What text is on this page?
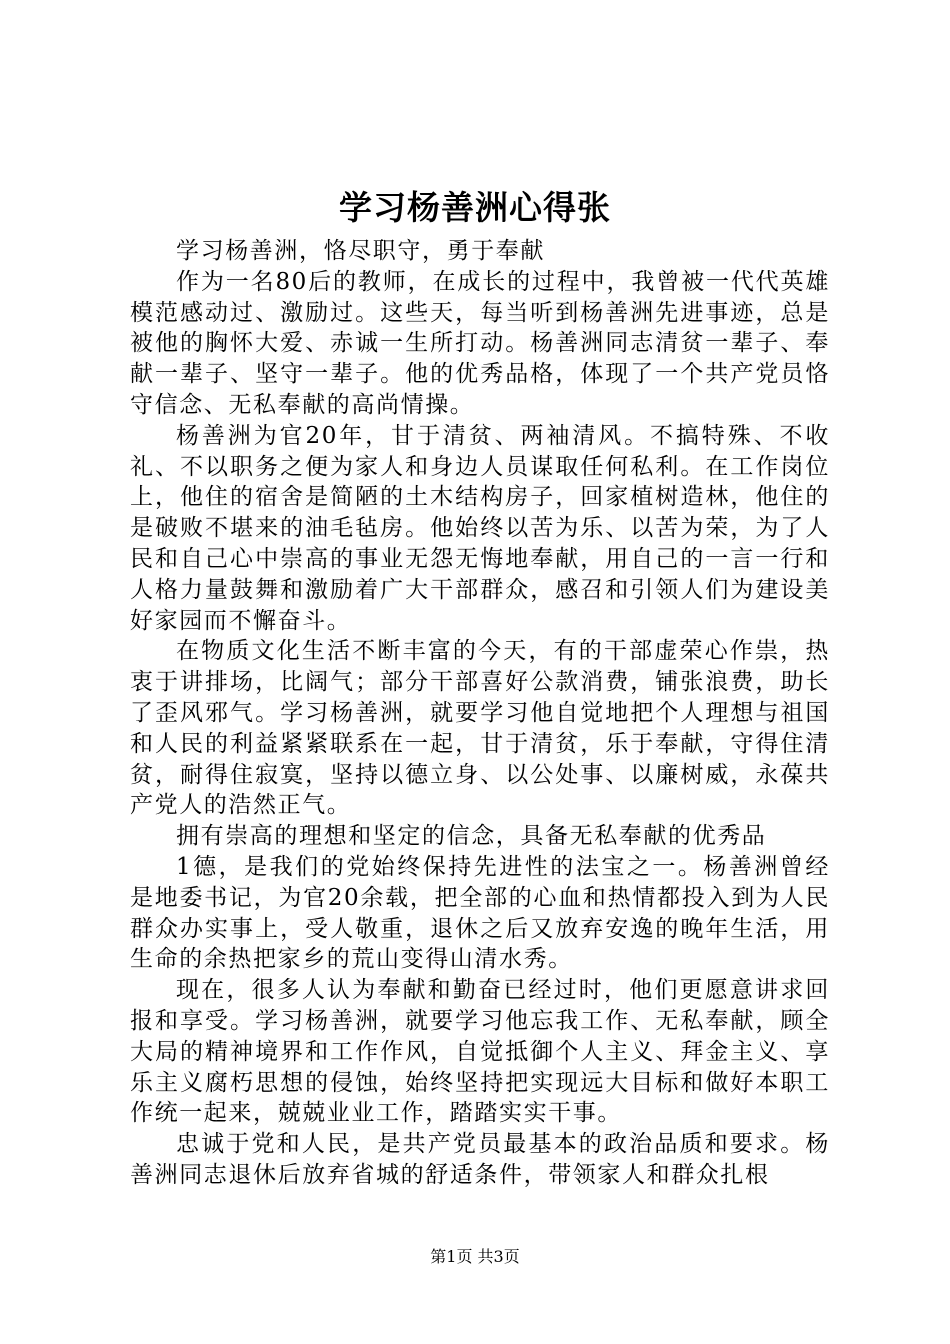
学习杨善洲心得张

学习杨善洲，恪尽职守，勇于奉献

作为一名80后的教师，在成长的过程中，我曾被一代代英雄模范感动过、激励过。这些天，每当听到杨善洲先进事迹，总是被他的胸怀大爱、赤诚一生所打动。杨善洲同志清贫一辈子、奉献一辈子、坚守一辈子。他的优秀品格，体现了一个共产党员恪守信念、无私奉献的高尚情操。

杨善洲为官20年，甘于清贫、两袖清风。不搞特殊、不收礼、不以职务之便为家人和身边人员谋取任何私利。在工作岗位上，他住的宿舍是简陋的土木结构房子，回家植树造林，他住的是破败不堪来的油毛毡房。他始终以苦为乐、以苦为荣，为了人民和自己心中崇高的事业无怨无悔地奉献，用自己的一言一行和人格力量鼓舞和激励着广大干部群众，感召和引领人们为建设美好家园而不懈奋斗。

在物质文化生活不断丰富的今天，有的干部虚荣心作祟，热衷于讲排场，比阔气；部分干部喜好公款消费，铺张浪费，助长了歪风邪气。学习杨善洲，就要学习他自觉地把个人理想与祖国和人民的利益紧紧联系在一起，甘于清贫，乐于奉献，守得住清贫，耐得住寂寞，坚持以德立身、以公处事、以廉树威，永葆共产党人的浩然正气。

拥有崇高的理想和坚定的信念，具备无私奉献的优秀品

1德，是我们的党始终保持先进性的法宝之一。杨善洲曾经是地委书记，为官20余载，把全部的心血和热情都投入到为人民群众办实事上，受人敬重，退休之后又放弃安逸的晚年生活，用生命的余热把家乡的荒山变得山清水秀。

现在，很多人认为奉献和勤奋已经过时，他们更愿意讲求回报和享受。学习杨善洲，就要学习他忘我工作、无私奉献，顾全大局的精神境界和工作作风，自觉抵御个人主义、拜金主义、享乐主义腐朽思想的侵蚀，始终坚持把实现远大目标和做好本职工作统一起来，兢兢业业工作，踏踏实实干事。

忠诚于党和人民，是共产党员最基本的政治品质和要求。杨善洲同志退休后放弃省城的舒适条件，带领家人和群众扎根

第1页 共3页
